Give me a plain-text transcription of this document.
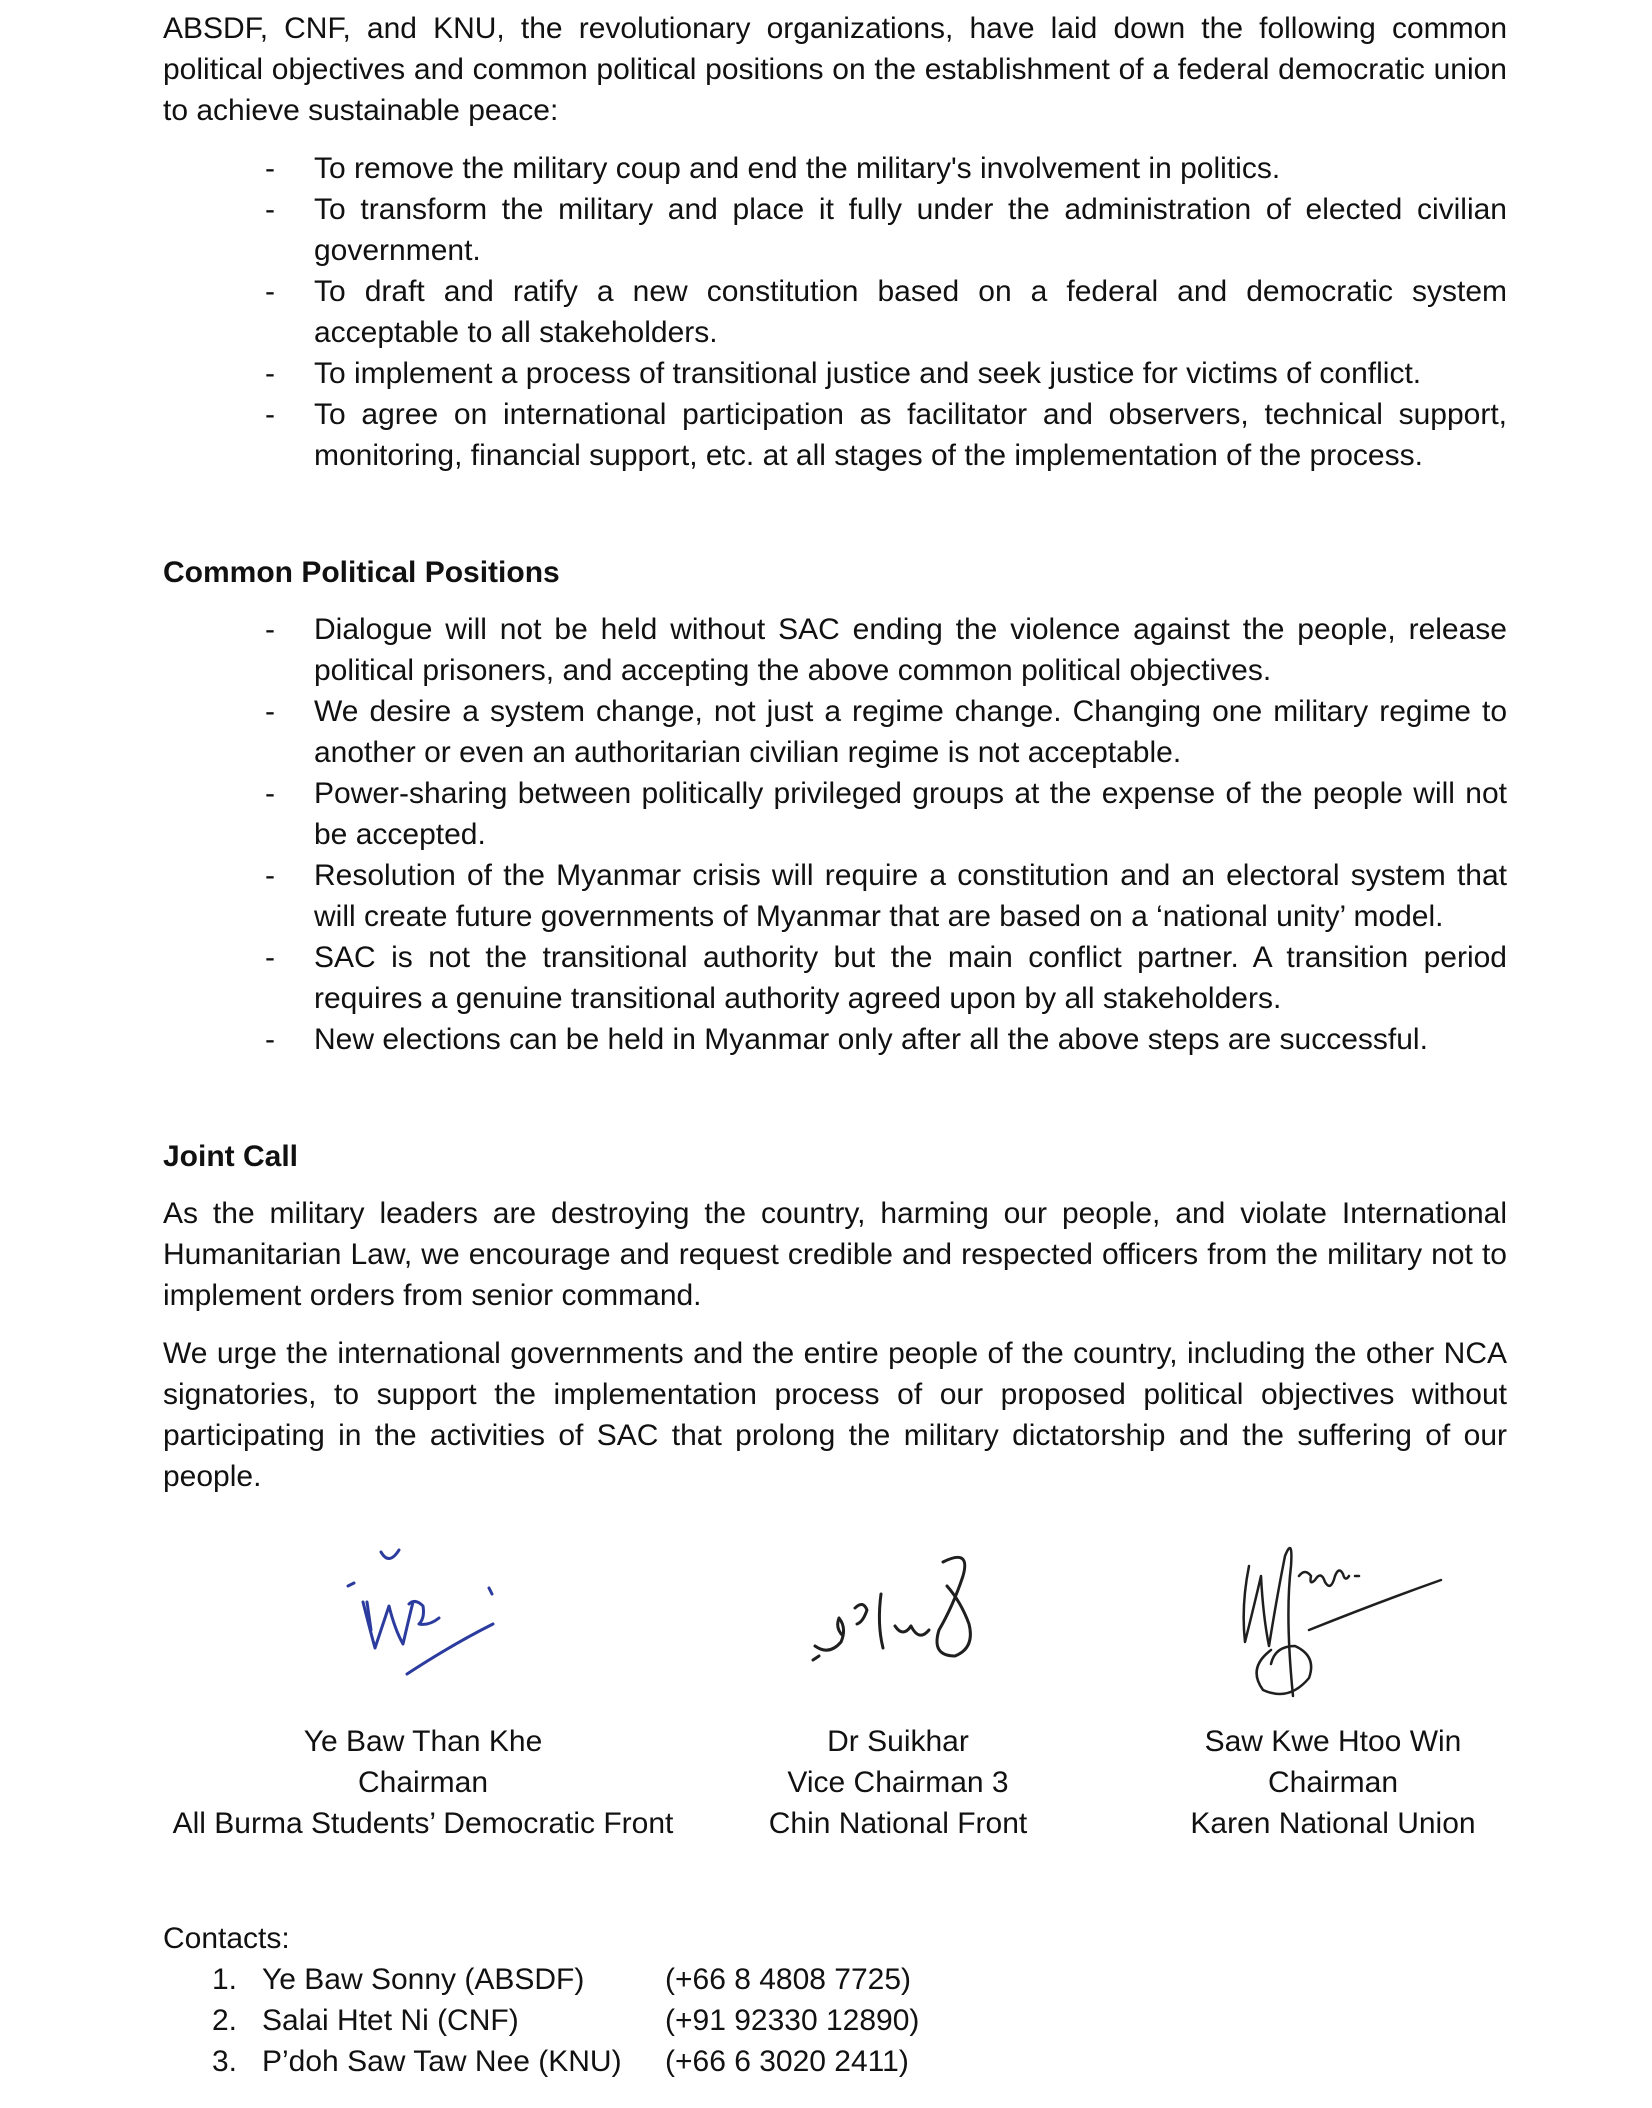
ABSDF, CNF, and KNU, the revolutionary organizations, have laid down the following common political objectives and common political positions on the establishment of a federal democratic union to achieve sustainable peace:

- To remove the military coup and end the military's involvement in politics.
- To transform the military and place it fully under the administration of elected civilian government.
- To draft and ratify a new constitution based on a federal and democratic system acceptable to all stakeholders.
- To implement a process of transitional justice and seek justice for victims of conflict.
- To agree on international participation as facilitator and observers, technical support, monitoring, financial support, etc. at all stages of the implementation of the process.

Common Political Positions

- Dialogue will not be held without SAC ending the violence against the people, release political prisoners, and accepting the above common political objectives.
- We desire a system change, not just a regime change. Changing one military regime to another or even an authoritarian civilian regime is not acceptable.
- Power-sharing between politically privileged groups at the expense of the people will not be accepted.
- Resolution of the Myanmar crisis will require a constitution and an electoral system that will create future governments of Myanmar that are based on a ‘national unity’ model.
- SAC is not the transitional authority but the main conflict partner. A transition period requires a genuine transitional authority agreed upon by all stakeholders.
- New elections can be held in Myanmar only after all the above steps are successful.

Joint Call

As the military leaders are destroying the country, harming our people, and violate International Humanitarian Law, we encourage and request credible and respected officers from the military not to implement orders from senior command.

We urge the international governments and the entire people of the country, including the other NCA signatories, to support the implementation process of our proposed political objectives without participating in the activities of SAC that prolong the military dictatorship and the suffering of our people.

Ye Baw Than Khe
Chairman
All Burma Students’ Democratic Front
Dr Suikhar
Vice Chairman 3
Chin National Front
Saw Kwe Htoo Win
Chairman
Karen National Union
Contacts:
1. Ye Baw Sonny (ABSDF)	(+66 8 4808 7725)
2. Salai Htet Ni (CNF)	(+91 92330 12890)
3. P’doh Saw Taw Nee (KNU) (+66 6 3020 2411)
